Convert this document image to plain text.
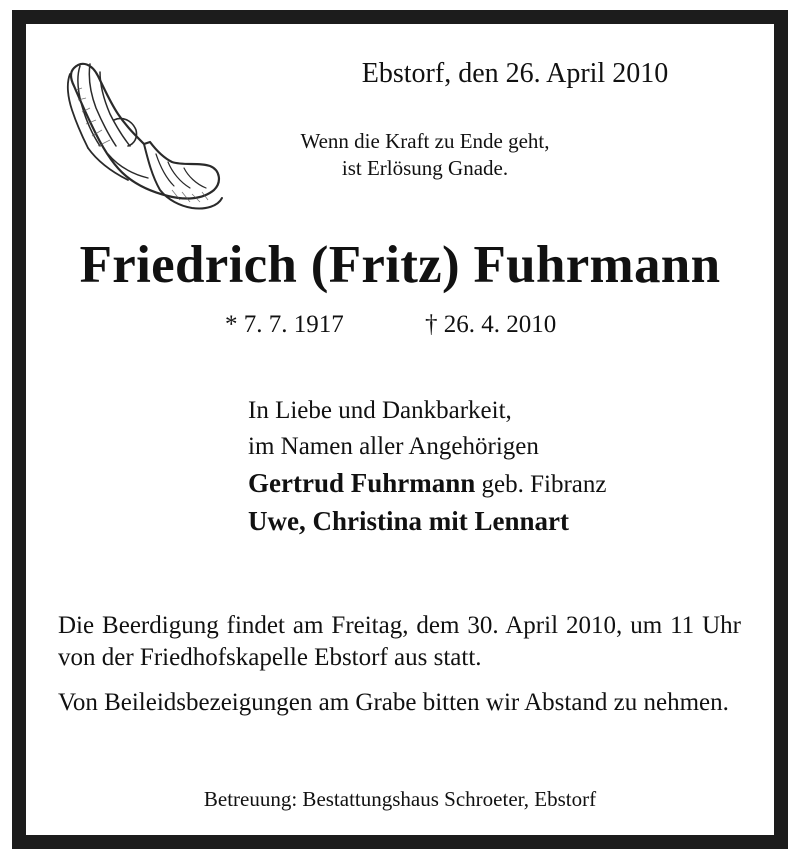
Ebstorf, den 26. April 2010
Wenn die Kraft zu Ende geht,
ist Erlösung Gnade.
Friedrich (Fritz) Fuhrmann
* 7. 7. 1917	† 26. 4. 2010
In Liebe und Dankbarkeit,
im Namen aller Angehörigen
Gertrud Fuhrmann geb. Fibranz
Uwe, Christina mit Lennart
Die Beerdigung findet am Freitag, dem 30. April 2010, um 11 Uhr von der Friedhofskapelle Ebstorf aus statt.
Von Beileidsbezeigungen am Grabe bitten wir Abstand zu nehmen.
Betreuung: Bestattungshaus Schroeter, Ebstorf
